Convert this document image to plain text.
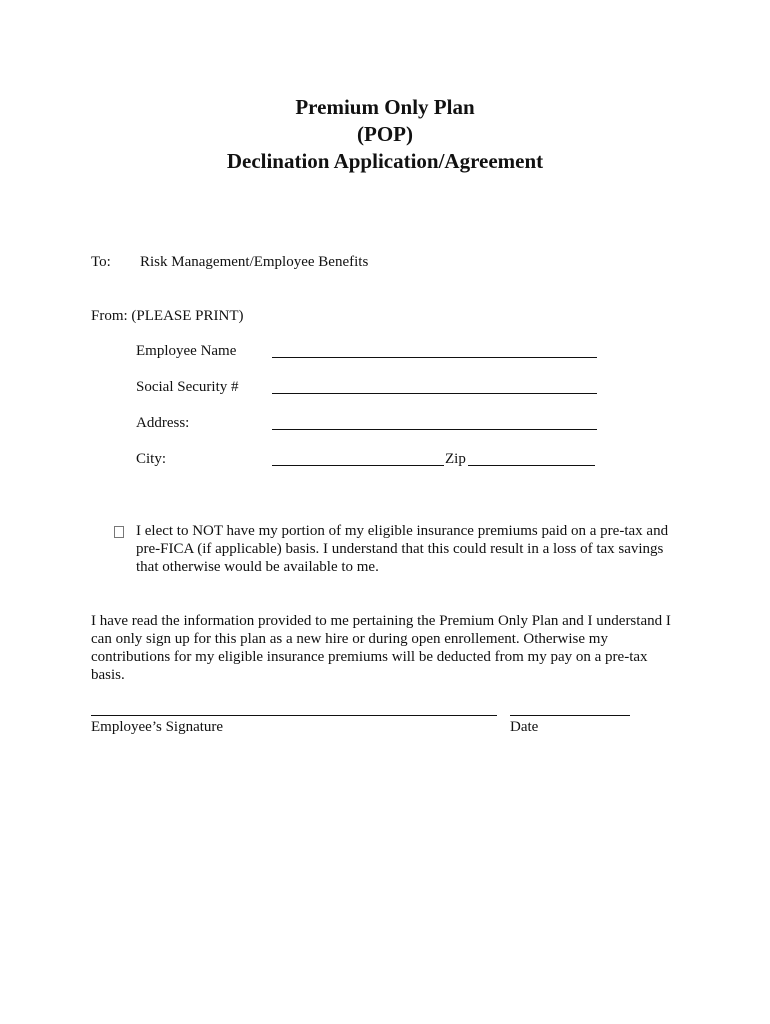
Premium Only Plan
(POP)
Declination Application/Agreement
To: Risk Management/Employee Benefits
From: (PLEASE PRINT)
Employee Name
Social Security #
Address:
City:	Zip
I elect to NOT have my portion of my eligible insurance premiums paid on a pre-tax and pre-FICA (if applicable) basis. I understand that this could result in a loss of tax savings that otherwise would be available to me.
I have read the information provided to me pertaining the Premium Only Plan and I understand I can only sign up for this plan as a new hire or during open enrollement. Otherwise my contributions for my eligible insurance premiums will be deducted from my pay on a pre-tax basis.
Employee’s Signature	Date
